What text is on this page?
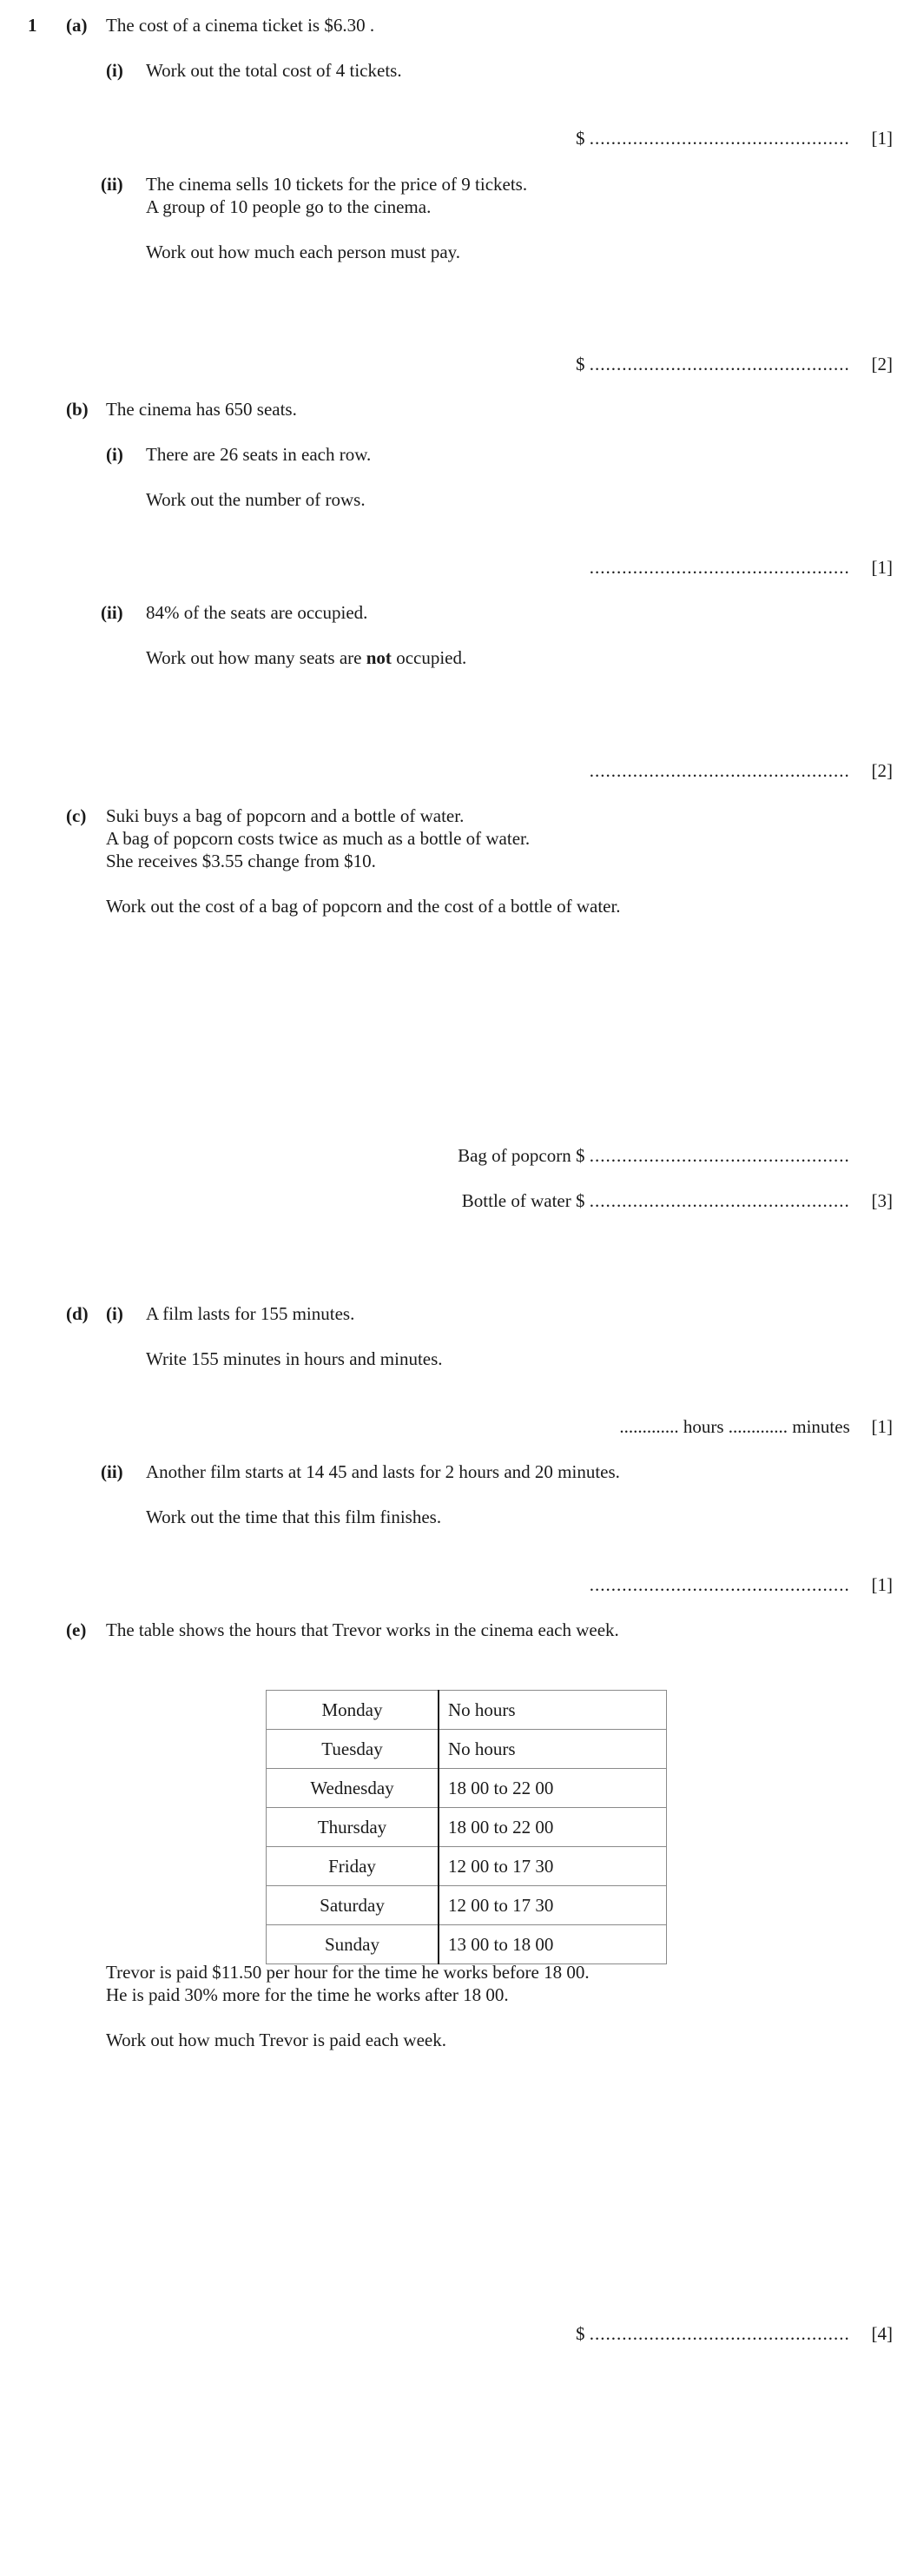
1 (a) The cost of a cinema ticket is $6.30 .
(i) Work out the total cost of 4 tickets.
$ ................................................ [1]
(ii) The cinema sells 10 tickets for the price of 9 tickets.
A group of 10 people go to the cinema.
Work out how much each person must pay.
$ ................................................ [2]
(b) The cinema has 650 seats.
(i) There are 26 seats in each row.
Work out the number of rows.
................................................ [1]
(ii) 84% of the seats are occupied.
Work out how many seats are not occupied.
................................................ [2]
(c) Suki buys a bag of popcorn and a bottle of water.
A bag of popcorn costs twice as much as a bottle of water.
She receives $3.55 change from $10.
Work out the cost of a bag of popcorn and the cost of a bottle of water.
Bag of popcorn $ ................................................
Bottle of water $ ................................................ [3]
(d) (i) A film lasts for 155 minutes.
Write 155 minutes in hours and minutes.
............. hours ............. minutes [1]
(ii) Another film starts at 14 45 and lasts for 2 hours and 20 minutes.
Work out the time that this film finishes.
................................................ [1]
(e) The table shows the hours that Trevor works in the cinema each week.
Monday	No hours
Tuesday	No hours
Wednesday	18 00 to 22 00
Thursday	18 00 to 22 00
Friday	12 00 to 17 30
Saturday	12 00 to 17 30
Sunday	13 00 to 18 00
Trevor is paid $11.50 per hour for the time he works before 18 00.
He is paid 30% more for the time he works after 18 00.
Work out how much Trevor is paid each week.
$ ................................................ [4]
